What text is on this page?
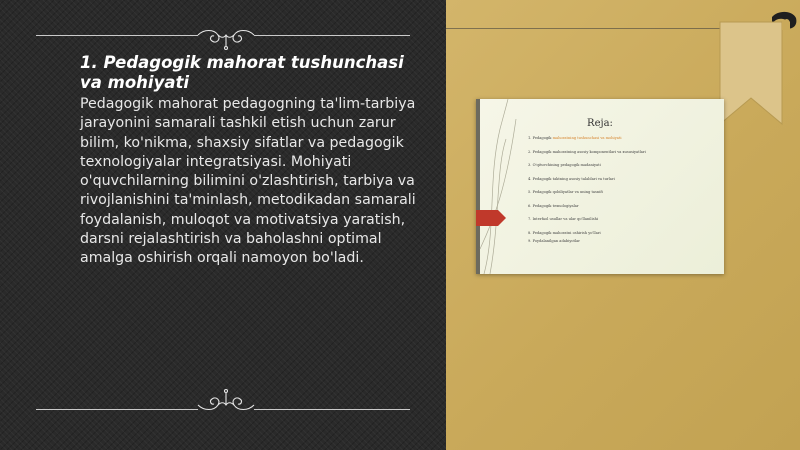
1. Pedagogik mahorat tushunchasi va mohiyati

Pedagogik mahorat pedagogning ta'lim-tarbiya jarayonini samarali tashkil etish uchun zarur bilim, ko'nikma, shaxsiy sifatlar va pedagogik texnologiyalar integratsiyasi. Mohiyati o'quvchilarning bilimini o'zlashtirish, tarbiya va rivojlanishini ta'minlash, metodikadan samarali foydalanish, muloqot va motivatsiya yaratish, darsni rejalashtirish va baholashni optimal amalga oshirish orqali namoyon bo'ladi.

Reja:
1. Pedagogik mahoratning tushunchasi va mohiyati
2. Pedagogik mahoratning asosiy komponentlari va xususiyatlari
3. O'qituvchining pedagogik madaniyati
4. Pedagogik taktning asosiy talablari va turlari
5. Pedagogik qobiliyatlar va uning tasnifi
6. Pedagogik texnologiyalar
7. Interfaol usullar va ular qo'llanilishi
8. Pedagogik mahoratni oshirish yo'llari
9. Foydalanilgan adabiyotlar
